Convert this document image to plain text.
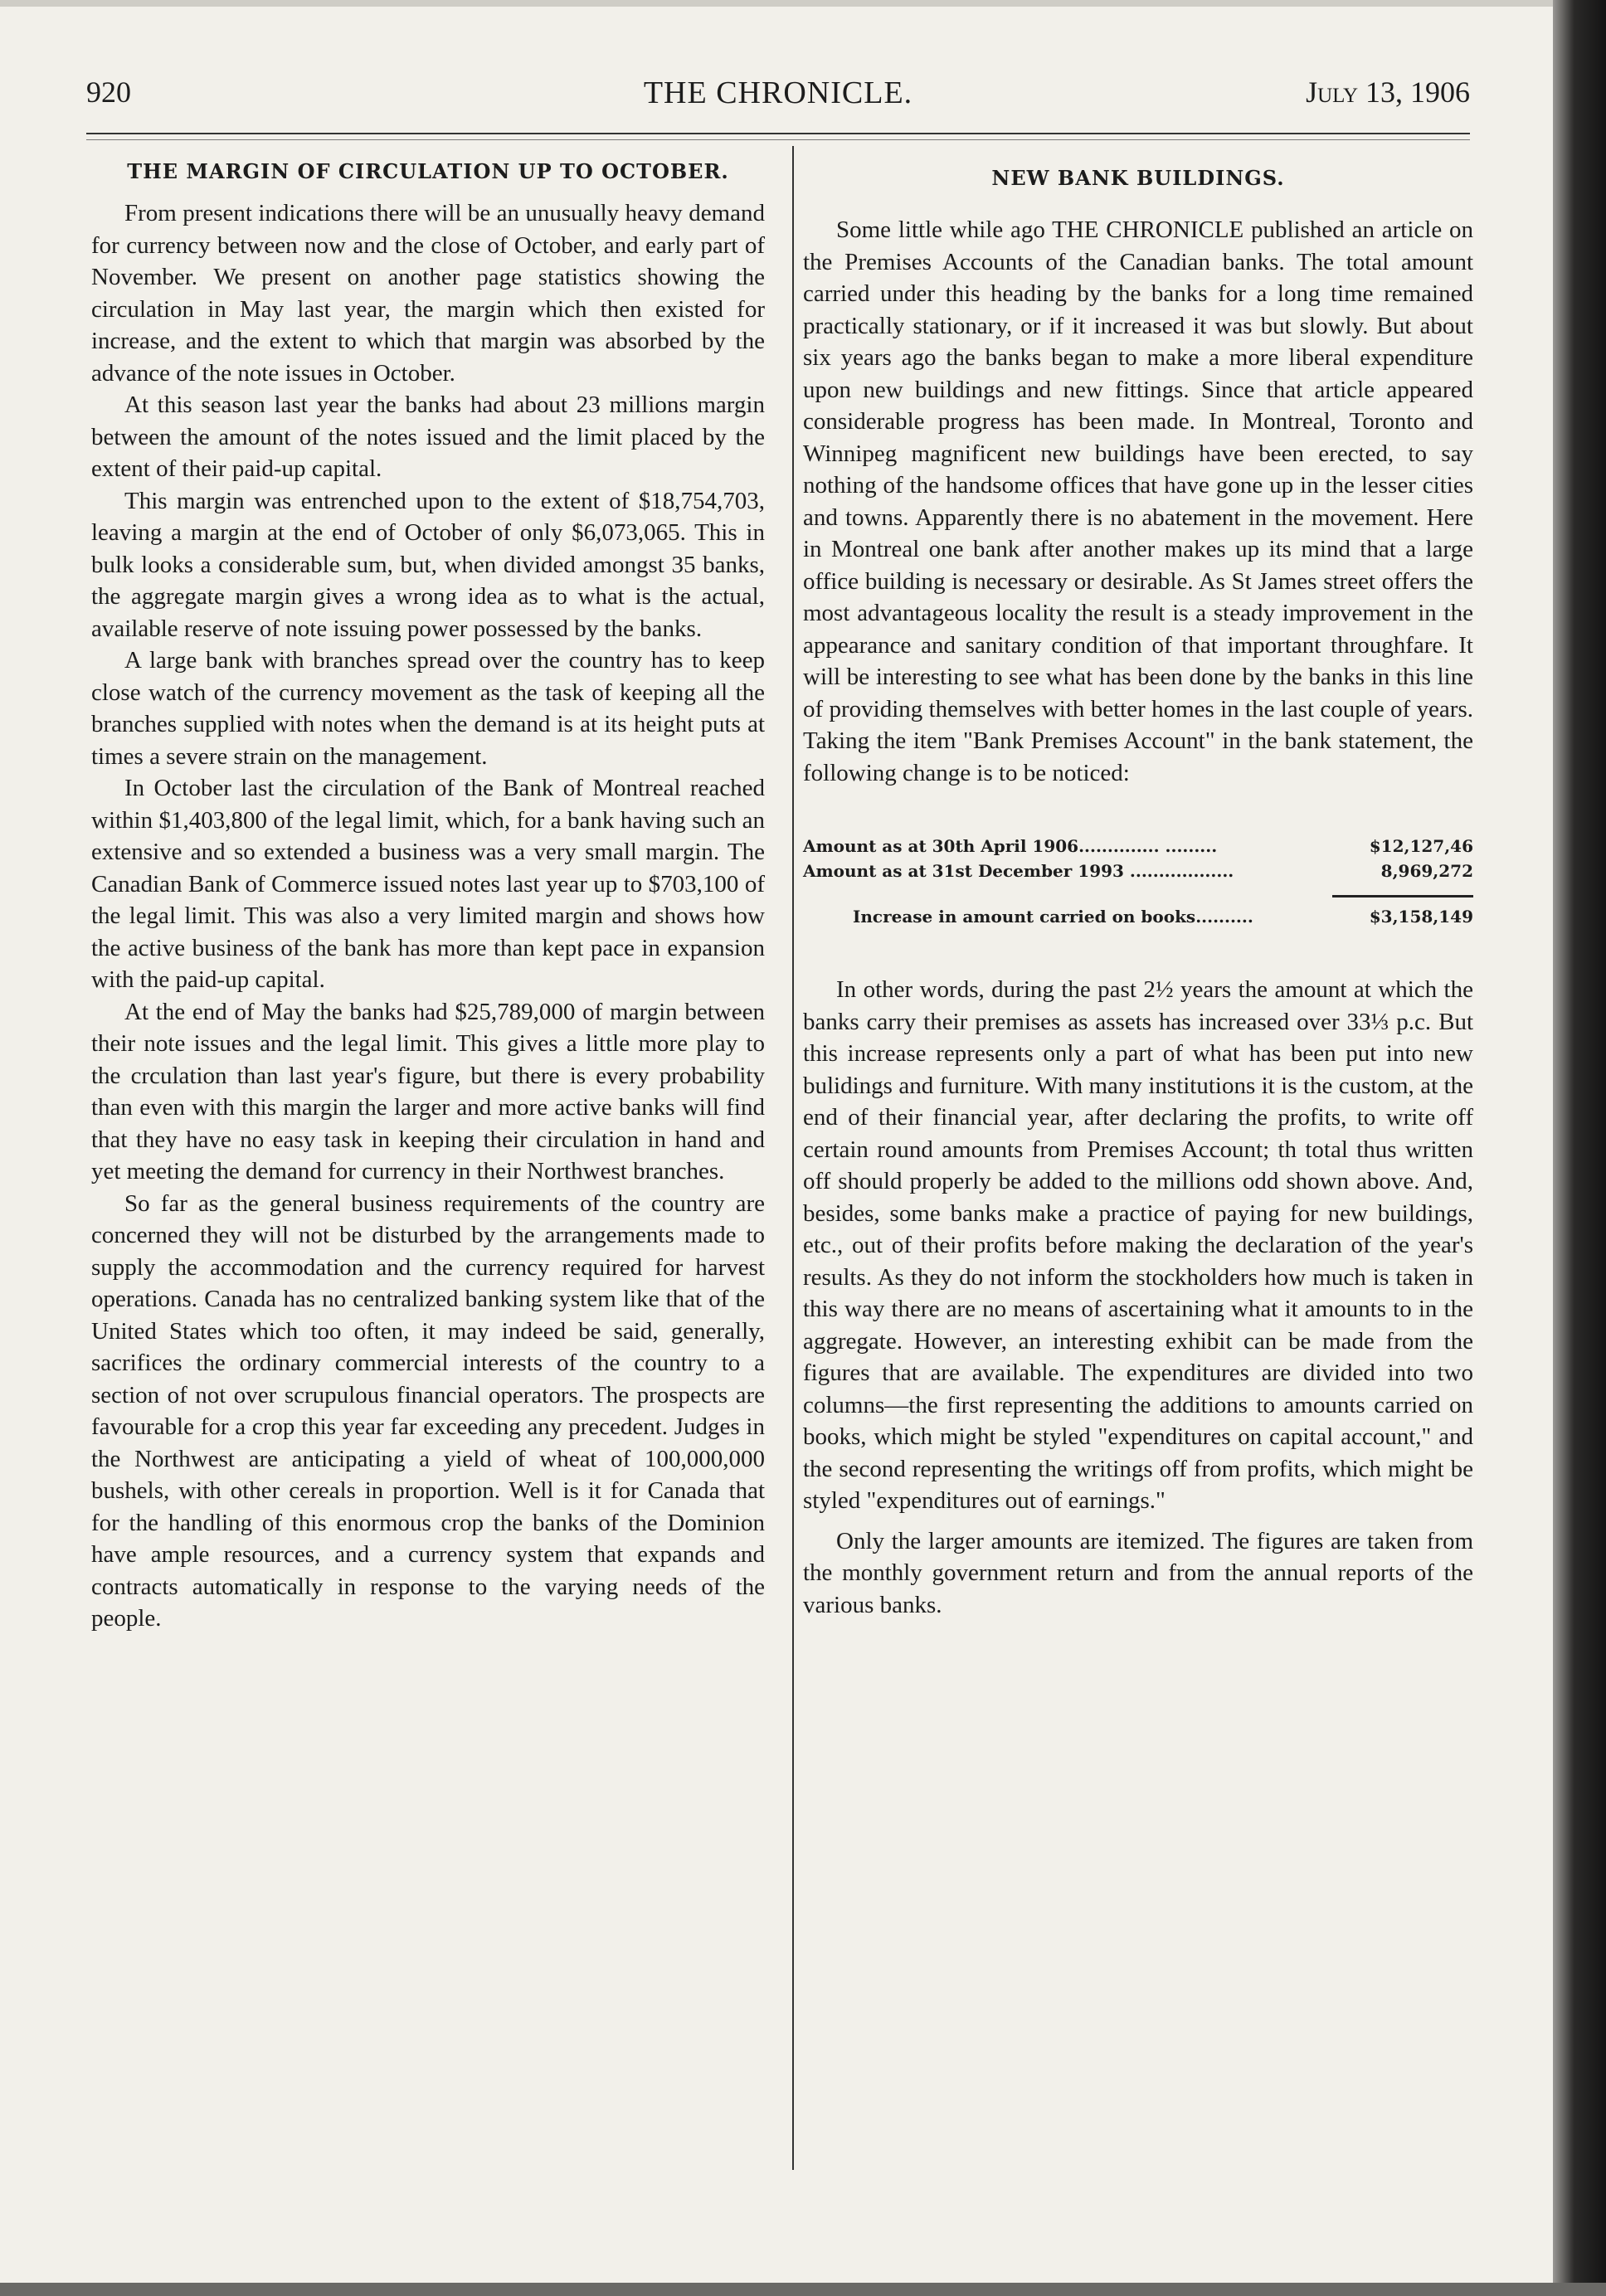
920	THE CHRONICLE.	July 13, 1906
THE MARGIN OF CIRCULATION UP TO OCTOBER.

From present indications there will be an unusually heavy demand for currency between now and the close of October, and early part of November. We present on another page statistics showing the circulation in May last year, the margin which then existed for increase, and the extent to which that margin was absorbed by the advance of the note issues in October.

At this season last year the banks had about 23 millions margin between the amount of the notes issued and the limit placed by the extent of their paid-up capital.

This margin was entrenched upon to the extent of $18,754,703, leaving a margin at the end of October of only $6,073,065. This in bulk looks a considerable sum, but, when divided amongst 35 banks, the aggregate margin gives a wrong idea as to what is the actual, available reserve of note issuing power possessed by the banks.

A large bank with branches spread over the country has to keep close watch of the currency movement as the task of keeping all the branches supplied with notes when the demand is at its height puts at times a severe strain on the management.

In October last the circulation of the Bank of Montreal reached within $1,403,800 of the legal limit, which, for a bank having such an extensive and so extended a business was a very small margin. The Canadian Bank of Commerce issued notes last year up to $703,100 of the legal limit. This was also a very limited margin and shows how the active business of the bank has more than kept pace in expansion with the paid-up capital.

At the end of May the banks had $25,789,000 of margin between their note issues and the legal limit. This gives a little more play to the crculation than last year's figure, but there is every probability than even with this margin the larger and more active banks will find that they have no easy task in keeping their circulation in hand and yet meeting the demand for currency in their Northwest branches.

So far as the general business requirements of the country are concerned they will not be disturbed by the arrangements made to supply the accommodation and the currency required for harvest operations. Canada has no centralized banking system like that of the United States which too often, it may indeed be said, generally, sacrifices the ordinary commercial interests of the country to a section of not over scrupulous financial operators. The prospects are favourable for a crop this year far exceeding any precedent. Judges in the Northwest are anticipating a yield of wheat of 100,000,000 bushels, with other cereals in proportion. Well is it for Canada that for the handling of this enormous crop the banks of the Dominion have ample resources, and a currency system that expands and contracts automatically in response to the varying needs of the people.

NEW BANK BUILDINGS.

Some little while ago THE CHRONICLE published an article on the Premises Accounts of the Canadian banks. The total amount carried under this heading by the banks for a long time remained practically stationary, or if it increased it was but slowly. But about six years ago the banks began to make a more liberal expenditure upon new buildings and new fittings. Since that article appeared considerable progress has been made. In Montreal, Toronto and Winnipeg magnificent new buildings have been erected, to say nothing of the handsome offices that have gone up in the lesser cities and towns. Apparently there is no abatement in the movement. Here in Montreal one bank after another makes up its mind that a large office building is necessary or desirable. As St James street offers the most advantageous locality the result is a steady improvement in the appearance and sanitary condition of that important throughfare. It will be interesting to see what has been done by the banks in this line of providing themselves with better homes in the last couple of years. Taking the item "Bank Premises Account" in the bank statement, the following change is to be noticed:

Amount as at 30th April 1906.............. .........	$12,127,46
Amount as at 31st December 1993 ..................	8,969,272
Increase in amount carried on books..........	$3,158,149

In other words, during the past 2½ years the amount at which the banks carry their premises as assets has increased over 33⅓ p.c. But this increase represents only a part of what has been put into new bulidings and furniture. With many institutions it is the custom, at the end of their financial year, after declaring the profits, to write off certain round amounts from Premises Account; th total thus written off should properly be added to the millions odd shown above. And, besides, some banks make a practice of paying for new buildings, etc., out of their profits before making the declaration of the year's results. As they do not inform the stockholders how much is taken in this way there are no means of ascertaining what it amounts to in the aggregate. However, an interesting exhibit can be made from the figures that are available. The expenditures are divided into two columns—the first representing the additions to amounts carried on books, which might be styled "expenditures on capital account," and the second representing the writings off from profits, which might be styled "expenditures out of earnings."

Only the larger amounts are itemized. The figures are taken from the monthly government return and from the annual reports of the various banks.
